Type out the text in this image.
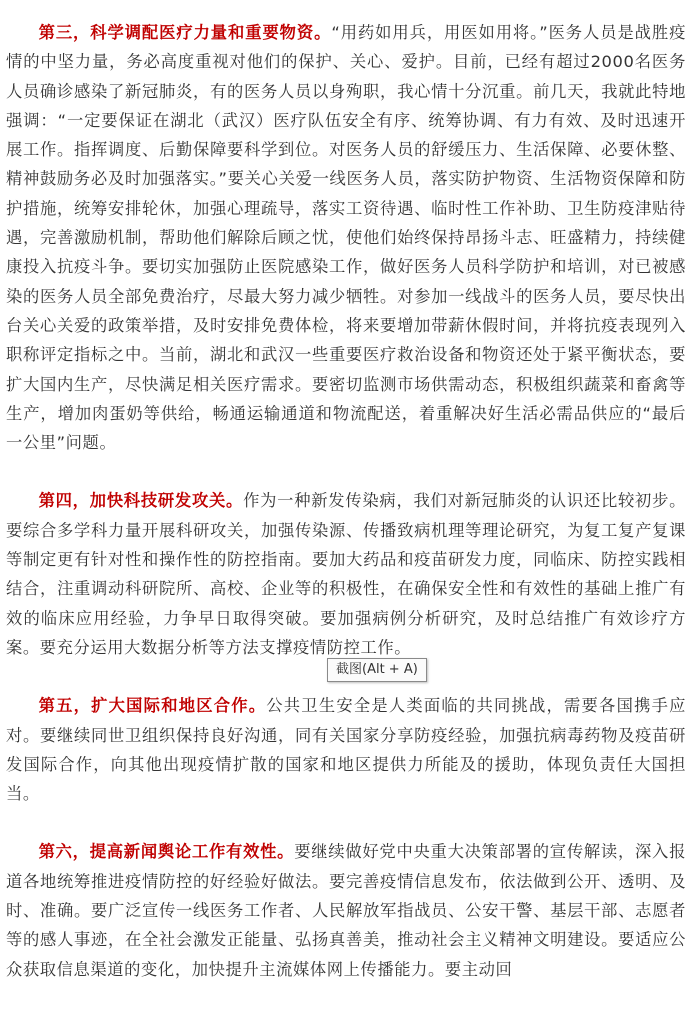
第三，科学调配医疗力量和重要物资。“用药如用兵，用医如用将。”医务人员是战胜疫情的中坚力量，务必高度重视对他们的保护、关心、爱护。目前，已经有超过2000名医务人员确诊感染了新冠肺炎，有的医务人员以身殉职，我心情十分沉重。前几天，我就此特地强调：“一定要保证在湖北（武汉）医疗队伍安全有序、统筹协调、有力有效、及时迅速开展工作。指挥调度、后勤保障要科学到位。对医务人员的舒缓压力、生活保障、必要休整、精神鼓励务必及时加强落实。”要关心关爱一线医务人员，落实防护物资、生活物资保障和防护措施，统筹安排轮休，加强心理疏导，落实工资待遇、临时性工作补助、卫生防疫津贴待遇，完善激励机制，帮助他们解除后顾之忧，使他们始终保持昂扬斗志、旺盛精力，持续健康投入抗疫斗争。要切实加强防止医院感染工作，做好医务人员科学防护和培训，对已被感染的医务人员全部免费治疗，尽最大努力减少牺牲。对参加一线战斗的医务人员，要尽快出台关心关爱的政策举措，及时安排免费体检，将来要增加带薪休假时间，并将抗疫表现列入职称评定指标之中。当前，湖北和武汉一些重要医疗救治设备和物资还处于紧平衡状态，要扩大国内生产，尽快满足相关医疗需求。要密切监测市场供需动态，积极组织蔬菜和畜禽等生产，增加肉蛋奶等供给，畅通运输通道和物流配送，着重解决好生活必需品供应的“最后一公里”问题。

第四，加快科技研发攻关。作为一种新发传染病，我们对新冠肺炎的认识还比较初步。要综合多学科力量开展科研攻关，加强传染源、传播致病机理等理论研究，为复工复产复课等制定更有针对性和操作性的防控指南。要加大药品和疫苗研发力度，同临床、防控实践相结合，注重调动科研院所、高校、企业等的积极性，在确保安全性和有效性的基础上推广有效的临床应用经验，力争早日取得突破。要加强病例分析研究，及时总结推广有效诊疗方案。要充分运用大数据分析等方法支撑疫情防控工作。

第五，扩大国际和地区合作。公共卫生安全是人类面临的共同挑战，需要各国携手应对。要继续同世卫组织保持良好沟通，同有关国家分享防疫经验，加强抗病毒药物及疫苗研发国际合作，向其他出现疫情扩散的国家和地区提供力所能及的援助，体现负责任大国担当。

第六，提高新闻舆论工作有效性。要继续做好党中央重大决策部署的宣传解读，深入报道各地统筹推进疫情防控的好经验好做法。要完善疫情信息发布，依法做到公开、透明、及时、准确。要广泛宣传一线医务工作者、人民解放军指战员、公安干警、基层干部、志愿者等的感人事迹，在全社会激发正能量、弘扬真善美，推动社会主义精神文明建设。要适应公众获取信息渠道的变化，加快提升主流媒体网上传播能力。要主动回

截图(Alt + A)
